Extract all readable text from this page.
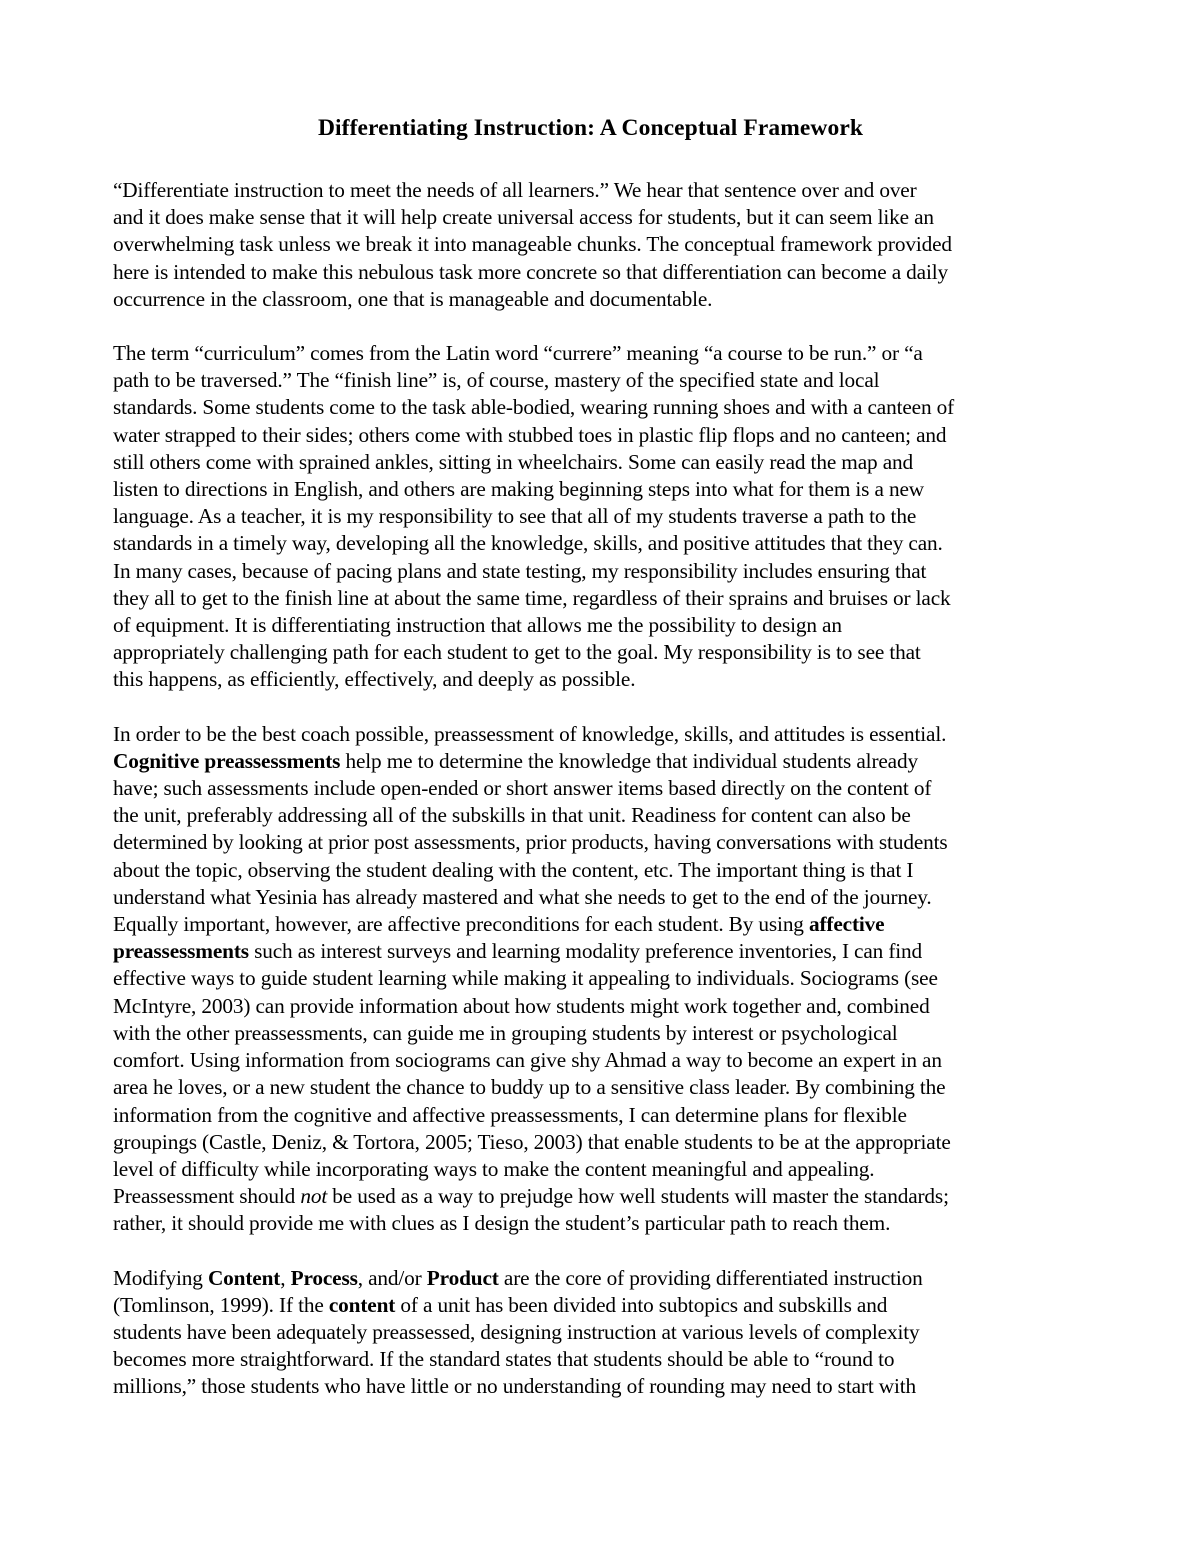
Differentiating Instruction: A Conceptual Framework

“Differentiate instruction to meet the needs of all learners.” We hear that sentence over and over
and it does make sense that it will help create universal access for students, but it can seem like an
overwhelming task unless we break it into manageable chunks. The conceptual framework provided
here is intended to make this nebulous task more concrete so that differentiation can become a daily
occurrence in the classroom, one that is manageable and documentable.

The term “curriculum” comes from the Latin word “currere” meaning “a course to be run.” or “a
path to be traversed.” The “finish line” is, of course, mastery of the specified state and local
standards. Some students come to the task able-bodied, wearing running shoes and with a canteen of
water strapped to their sides; others come with stubbed toes in plastic flip flops and no canteen; and
still others come with sprained ankles, sitting in wheelchairs. Some can easily read the map and
listen to directions in English, and others are making beginning steps into what for them is a new
language. As a teacher, it is my responsibility to see that all of my students traverse a path to the
standards in a timely way, developing all the knowledge, skills, and positive attitudes that they can.
In many cases, because of pacing plans and state testing, my responsibility includes ensuring that
they all to get to the finish line at about the same time, regardless of their sprains and bruises or lack
of equipment. It is differentiating instruction that allows me the possibility to design an
appropriately challenging path for each student to get to the goal. My responsibility is to see that
this happens, as efficiently, effectively, and deeply as possible.

In order to be the best coach possible, preassessment of knowledge, skills, and attitudes is essential.
Cognitive preassessments help me to determine the knowledge that individual students already
have; such assessments include open-ended or short answer items based directly on the content of
the unit, preferably addressing all of the subskills in that unit. Readiness for content can also be
determined by looking at prior post assessments, prior products, having conversations with students
about the topic, observing the student dealing with the content, etc. The important thing is that I
understand what Yesinia has already mastered and what she needs to get to the end of the journey.
Equally important, however, are affective preconditions for each student. By using affective
preassessments such as interest surveys and learning modality preference inventories, I can find
effective ways to guide student learning while making it appealing to individuals. Sociograms (see
McIntyre, 2003) can provide information about how students might work together and, combined
with the other preassessments, can guide me in grouping students by interest or psychological
comfort. Using information from sociograms can give shy Ahmad a way to become an expert in an
area he loves, or a new student the chance to buddy up to a sensitive class leader. By combining the
information from the cognitive and affective preassessments, I can determine plans for flexible
groupings (Castle, Deniz, & Tortora, 2005; Tieso, 2003) that enable students to be at the appropriate
level of difficulty while incorporating ways to make the content meaningful and appealing.
Preassessment should not be used as a way to prejudge how well students will master the standards;
rather, it should provide me with clues as I design the student’s particular path to reach them.

Modifying Content, Process, and/or Product are the core of providing differentiated instruction
(Tomlinson, 1999). If the content of a unit has been divided into subtopics and subskills and
students have been adequately preassessed, designing instruction at various levels of complexity
becomes more straightforward. If the standard states that students should be able to “round to
millions,” those students who have little or no understanding of rounding may need to start with
